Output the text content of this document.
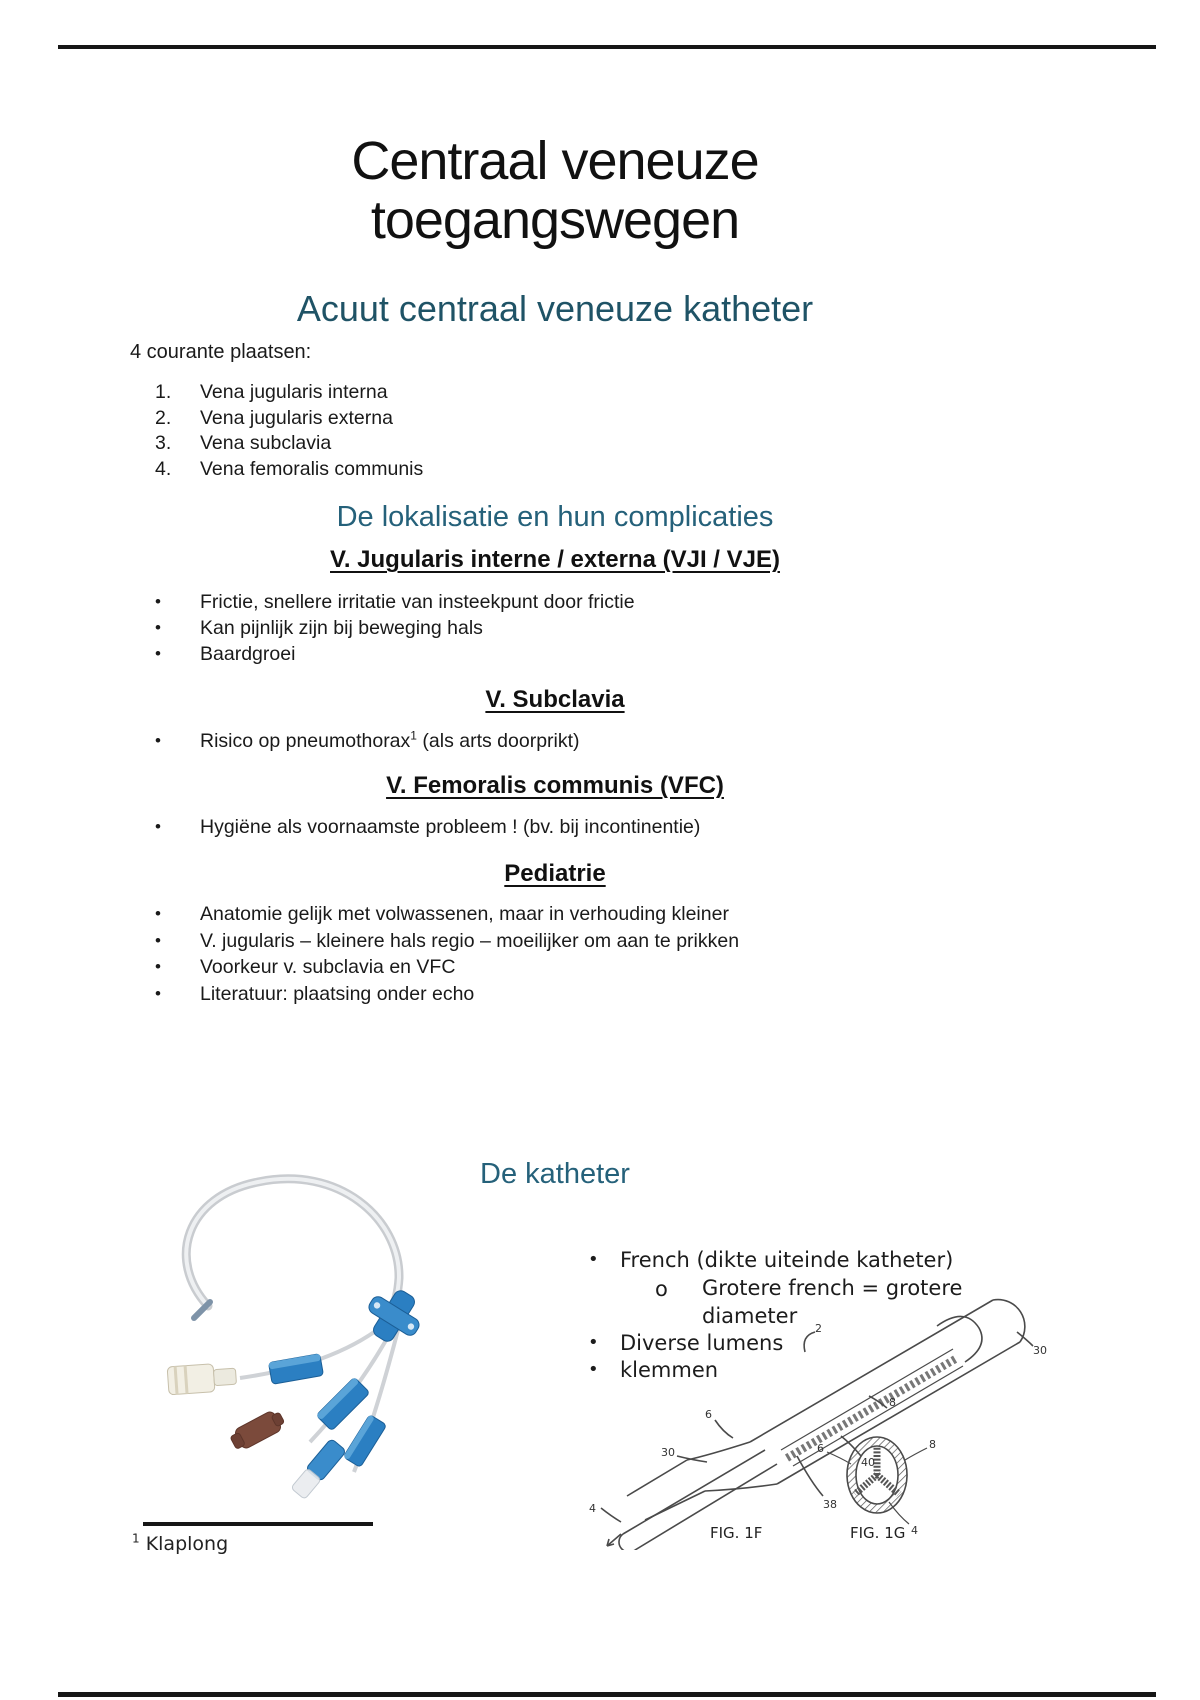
Centraal veneuze
toegangswegen
Acuut centraal veneuze katheter
4 courante plaatsen:
1.	Vena jugularis interna
2.	Vena jugularis externa
3.	Vena subclavia
4.	Vena femoralis communis
De lokalisatie en hun complicaties
V. Jugularis interne / externa (VJI / VJE)
•	Frictie, snellere irritatie van insteekpunt door frictie
•	Kan pijnlijk zijn bij beweging hals
•	Baardgroei
V. Subclavia
•	Risico op pneumothorax$^1$ (als arts doorprikt)
V. Femoralis communis (VFC)
•	Hygiëne als voornaamste probleem ! (bv. bij incontinentie)
Pediatrie
•	Anatomie gelijk met volwassenen, maar in verhouding kleiner
•	V. jugularis – kleinere hals regio – moeilijker om aan te prikken
•	Voorkeur v. subclavia en VFC
•	Literatuur: plaatsing onder echo
De katheter
•	French (dikte uiteinde katheter)
o	Grotere french = grotere
diameter
•	Diverse lumens
•	klemmen
2
6
30
38
40
8
4
30
6	8
4
FIG. 1F	FIG. 1G
$^1$ Klaplong
